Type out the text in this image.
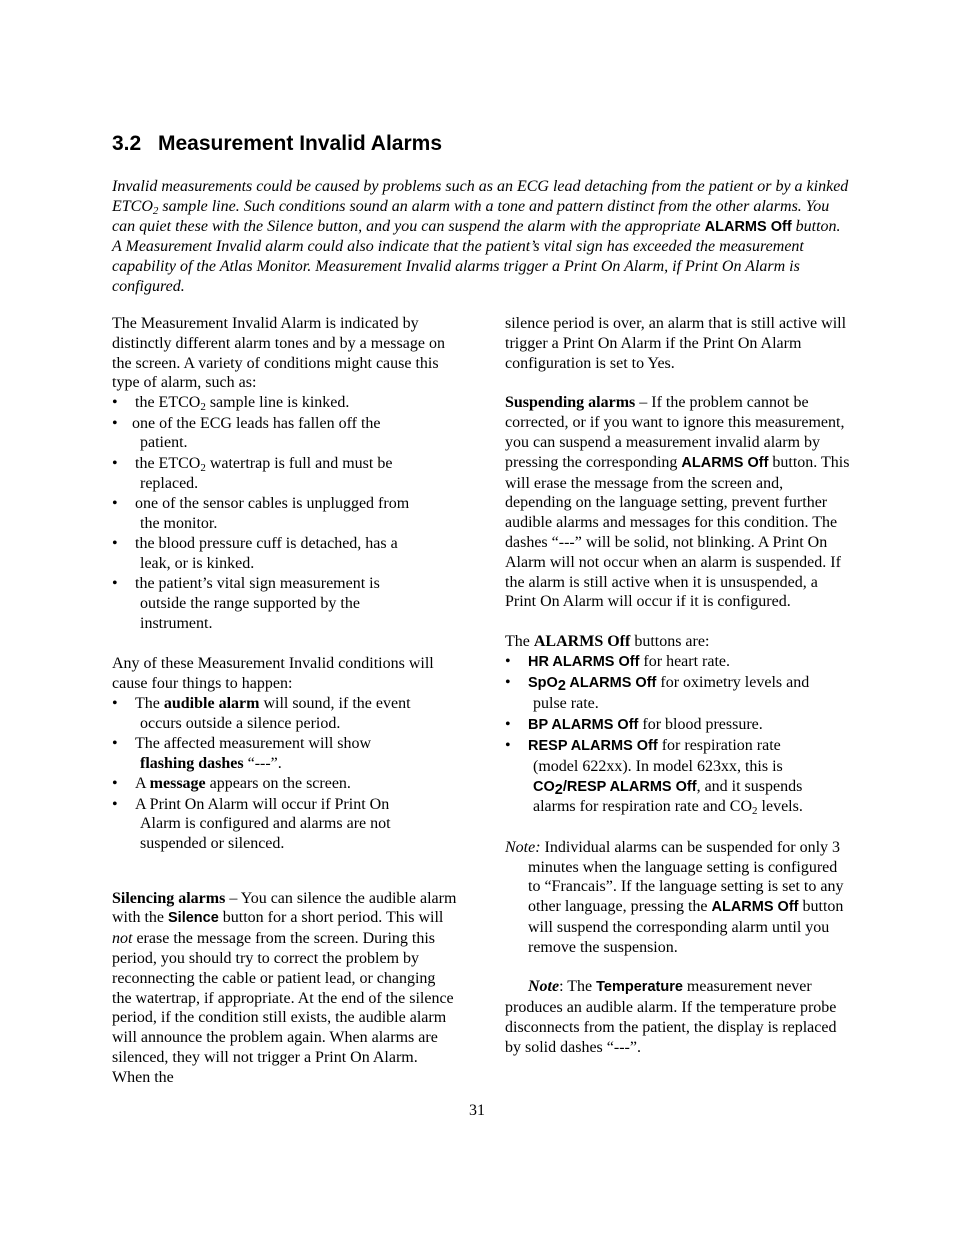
3.2 Measurement Invalid Alarms

Invalid measurements could be caused by problems such as an ECG lead detaching from the patient or by a kinked $ETCO_2$ sample line. Such conditions sound an alarm with a tone and pattern distinct from the other alarms. You can quiet these with the Silence button, and you can suspend the alarm with the appropriate ALARMS Off button. A Measurement Invalid alarm could also indicate that the patient’s vital sign has exceeded the measurement capability of the Atlas Monitor. Measurement Invalid alarms trigger a Print On Alarm, if Print On Alarm is configured.

The Measurement Invalid Alarm is indicated by distinctly different alarm tones and by a message on the screen. A variety of conditions might cause this type of alarm, such as:

•	the $ETCO_2$ sample line is kinked.
• one of the ECG leads has fallen off the
patient.
•	the $ETCO_2$ watertrap is full and must be
replaced.
•	one of the sensor cables is unplugged from
the monitor.
•	the blood pressure cuff is detached, has a
leak, or is kinked.
•	the patient’s vital sign measurement is
outside the range supported by the
instrument.

Any of these Measurement Invalid conditions will cause four things to happen:

•	The audible alarm will sound, if the event
occurs outside a silence period.
•	The affected measurement will show
flashing dashes “---”.
•	A message appears on the screen.
•	A Print On Alarm will occur if Print On
Alarm is configured and alarms are not
suspended or silenced.

Silencing alarms – You can silence the audible alarm with the Silence button for a short period. This will not erase the message from the screen. During this period, you should try to correct the problem by reconnecting the cable or patient lead, or changing the watertrap, if appropriate. At the end of the silence period, if the condition still exists, the audible alarm will announce the problem again. When alarms are silenced, they will not trigger a Print On Alarm. When the

silence period is over, an alarm that is still active will trigger a Print On Alarm if the Print On Alarm configuration is set to Yes.

Suspending alarms – If the problem cannot be corrected, or if you want to ignore this measurement, you can suspend a measurement invalid alarm by pressing the corresponding ALARMS Off button. This will erase the message from the screen and, depending on the language setting, prevent further audible alarms and messages for this condition. The dashes “---” will be solid, not blinking. A Print On Alarm will not occur when an alarm is suspended. If the alarm is still active when it is unsuspended, a Print On Alarm will occur if it is configured.

The ALARMS Off buttons are:

•	HR ALARMS Off for heart rate.
•	SpO$_2$ ALARMS Off for oximetry levels and
pulse rate.
•	BP ALARMS Off for blood pressure.
•	RESP ALARMS Off for respiration rate
(model 622xx). In model 623xx, this is
$CO_2$/RESP ALARMS Off, and it suspends
alarms for respiration rate and $CO_2$ levels.

Note: Individual alarms can be suspended for only 3 minutes when the language setting is configured to “Francais”. If the language setting is set to any other language, pressing the ALARMS Off button will suspend the corresponding alarm until you remove the suspension.

Note: The Temperature measurement never produces an audible alarm. If the temperature probe disconnects from the patient, the display is replaced by solid dashes “---”.

31
